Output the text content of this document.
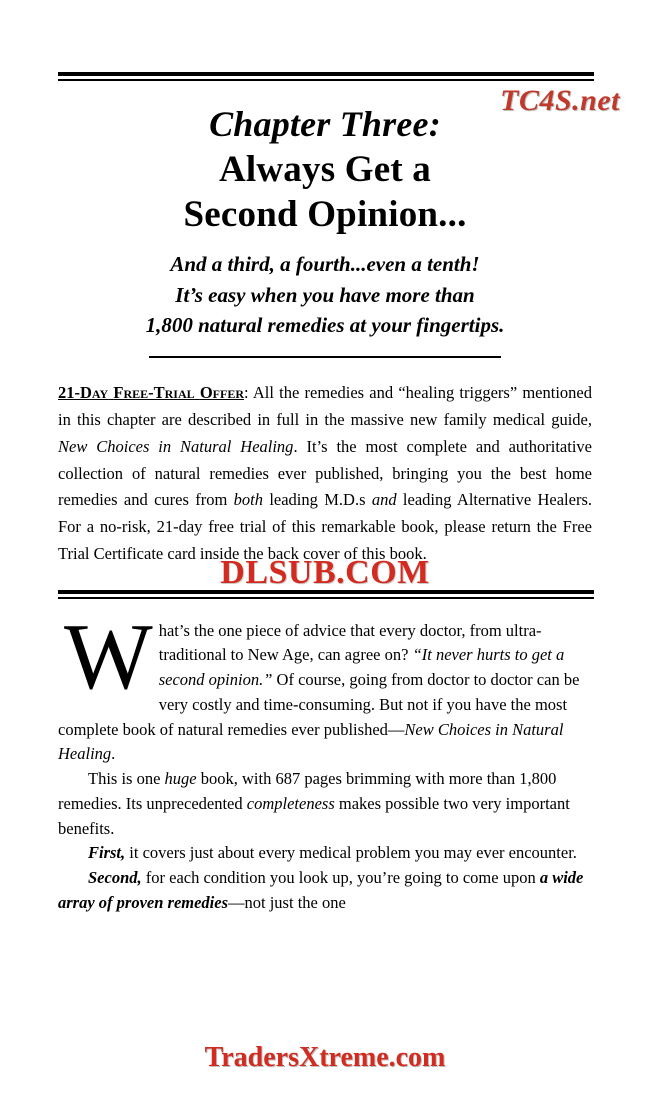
TC4S.net
Chapter Three:
Always Get a
Second Opinion...
And a third, a fourth...even a tenth!
It’s easy when you have more than
1,800 natural remedies at your fingertips.
21-Day Free-Trial Offer: All the remedies and “healing triggers” mentioned in this chapter are described in full in the massive new family medical guide, New Choices in Natural Healing. It’s the most complete and authoritative collection of natural remedies ever published, bringing you the best home remedies and cures from both leading M.D.s and leading Alternative Healers. For a no-risk, 21-day free trial of this remarkable book, please return the Free Trial Certificate card inside the back cover of this book.
DLSUB.COM
W hat’s the one piece of advice that every doctor, from ultra-traditional to New Age, can agree on? “It never hurts to get a second opinion.” Of course, going from doctor to doctor can be very costly and time-consuming. But not if you have the most complete book of natural remedies ever published—New Choices in Natural Healing.

This is one huge book, with 687 pages brimming with more than 1,800 remedies. Its unprecedented completeness makes possible two very important benefits.

First, it covers just about every medical problem you may ever encounter.

Second, for each condition you look up, you’re going to come upon a wide array of proven remedies—not just the one

TradersXtreme.com
